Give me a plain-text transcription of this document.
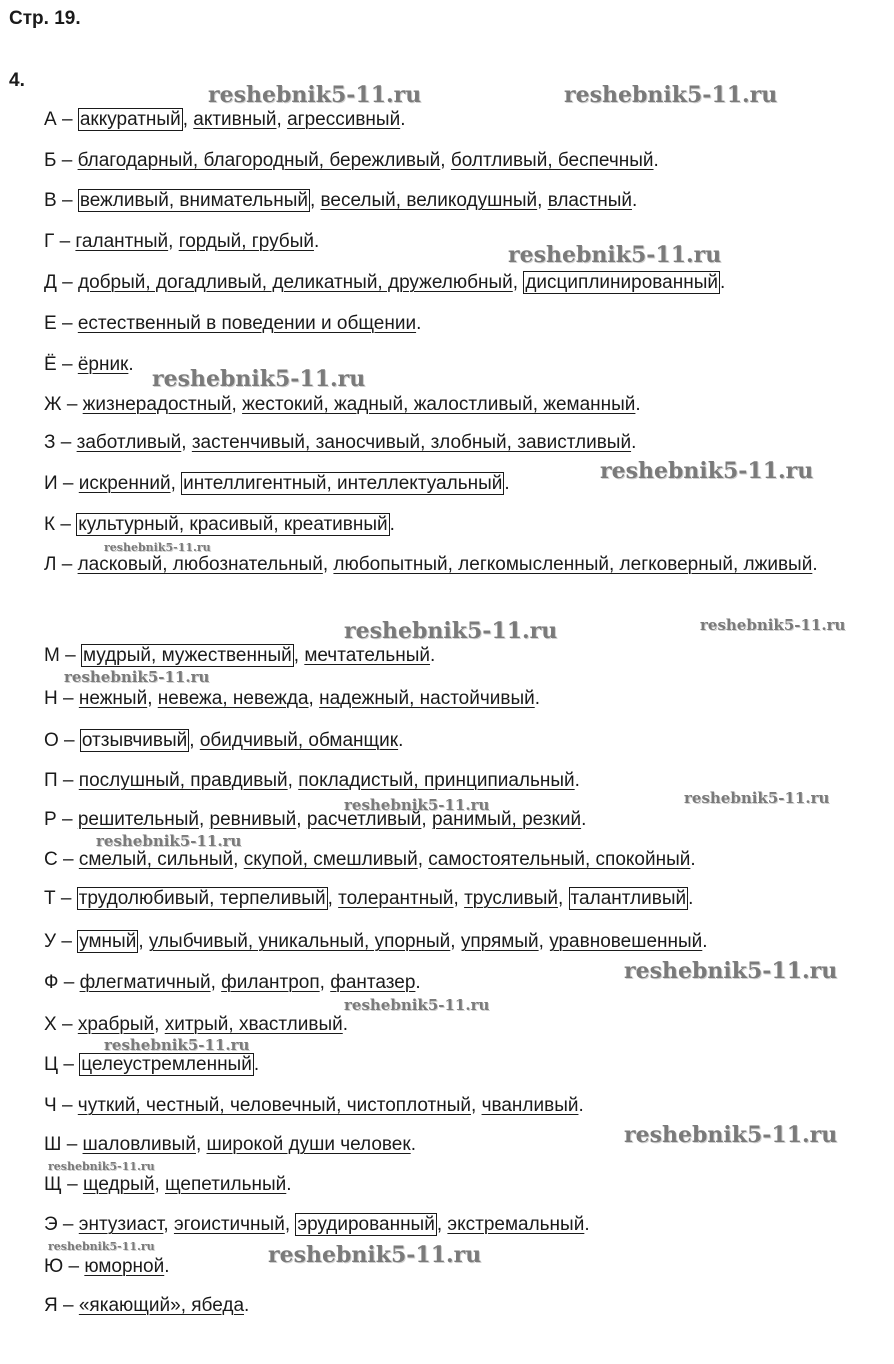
Стр. 19.
4.
А – аккуратный , активный, агрессивный.
Б – благодарный, благородный, бережливый, болтливый, беспечный.
В – вежливый, внимательный , веселый, великодушный, властный.
Г – галантный, гордый, грубый.
Д – добрый, догадливый, деликатный, дружелюбный, дисциплинированный .
Е – естественный в поведении и общении.
Ё – ёрник.
Ж – жизнерадостный, жестокий, жадный, жалостливый, жеманный.
З – заботливый, застенчивый, заносчивый, злобный, завистливый.
И – искренний, интеллигентный, интеллектуальный .
К – культурный, красивый, креативный .
Л – ласковый, любознательный, любопытный, легкомысленный, легковерный, лживый.
М – мудрый, мужественный , мечтательный.
Н – нежный, невежа, невежда, надежный, настойчивый.
О – отзывчивый , обидчивый, обманщик.
П – послушный, правдивый, покладистый, принципиальный.
Р – решительный, ревнивый, расчетливый, ранимый, резкий.
С – смелый, сильный, скупой, смешливый, самостоятельный, спокойный.
Т – трудолюбивый, терпеливый , толерантный, трусливый, талантливый .
У – умный , улыбчивый, уникальный, упорный, упрямый, уравновешенный.
Ф – флегматичный, филантроп, фантазер.
Х – храбрый, хитрый, хвастливый.
Ц – целеустремленный .
Ч – чуткий, честный, человечный, чистоплотный, чванливый.
Ш – шаловливый, широкой души человек.
Щ – щедрый, щепетильный.
Э – энтузиаст, эгоистичный, эрудированный , экстремальный.
Ю – юморной.
Я – «якающий», ябеда.
reshebnik5-11.ru	reshebnik5-11.ru
reshebnik5-11.ru
reshebnik5-11.ru
reshebnik5-11.ru
reshebnik5-11.ru
reshebnik5-11.ru	reshebnik5-11.ru
reshebnik5-11.ru
reshebnik5-11.ru
reshebnik5-11.ru
reshebnik5-11.ru
reshebnik5-11.ru
reshebnik5-11.ru
reshebnik5-11.ru
reshebnik5-11.ru
reshebnik5-11.ru
reshebnik5-11.ru	reshebnik5-11.ru
